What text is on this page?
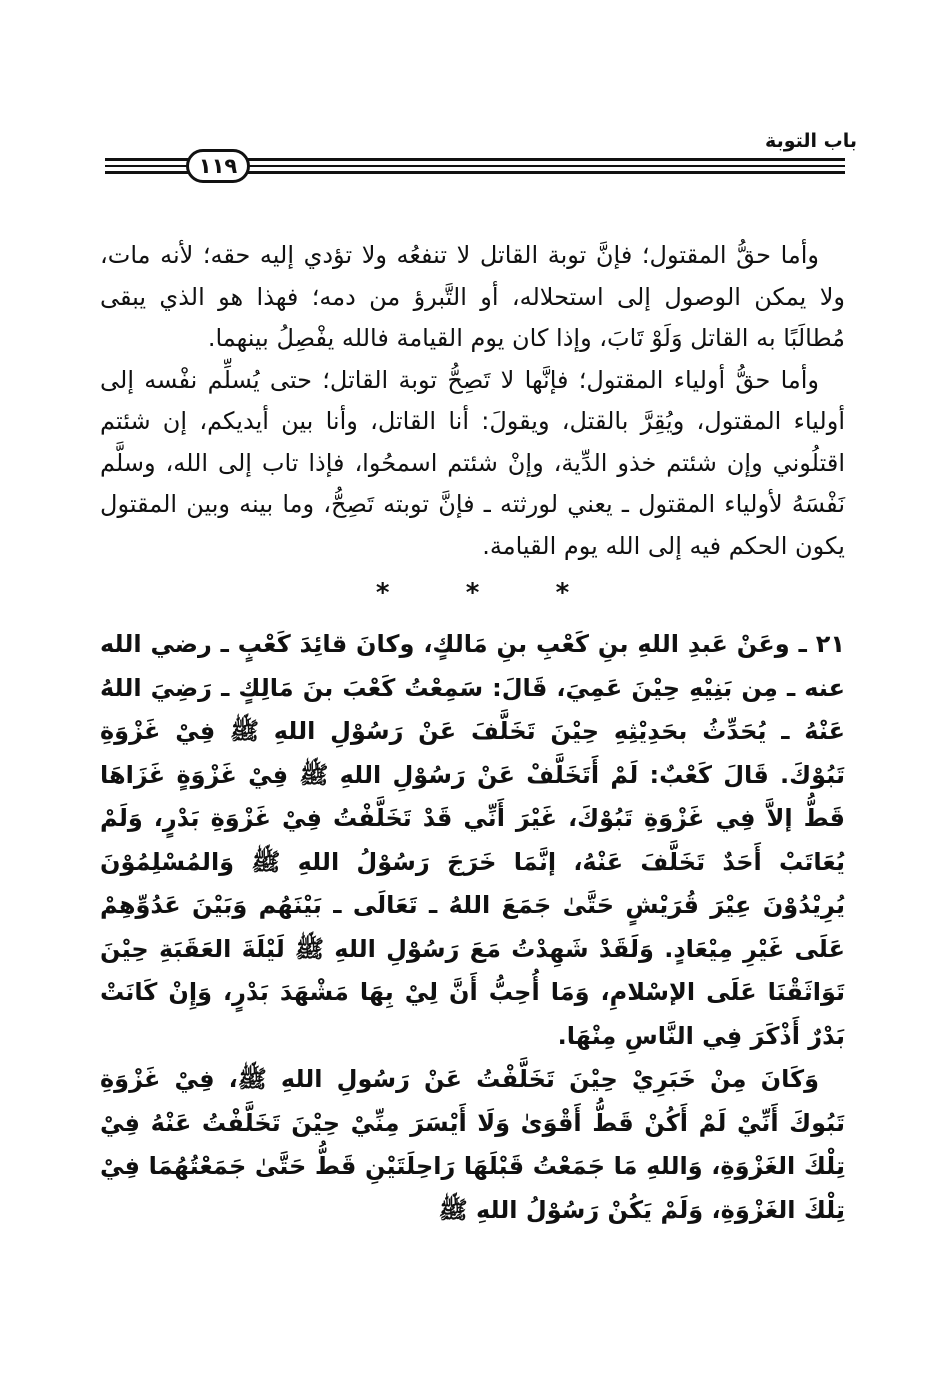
باب التوبة
١١٩

وأما حقُّ المقتول؛ فإنَّ توبة القاتل لا تنفعُه ولا تؤدي إليه حقه؛ لأنه مات، ولا يمكن الوصول إلى استحلاله، أو التَّبرؤ من دمه؛ فهذا هو الذي يبقى مُطالَبًا به القاتل وَلَوْ تَابَ، وإذا كان يوم القيامة فالله يفْصِلُ بينهما.

وأما حقُّ أولياء المقتول؛ فإنَّها لا تَصِحُّ توبة القاتل؛ حتى يُسلِّم نفْسه إلى أولياء المقتول، ويُقِرَّ بالقتل، ويقولَ: أنا القاتل، وأنا بين أيديكم، إن شئتم اقتلُوني وإن شئتم خذو الدِّية، وإنْ شئتم اسمحُوا، فإذا تاب إلى الله، وسلَّم نَفْسَهُ لأولياء المقتول ـ يعني لورثته ـ فإنَّ توبته تَصِحُّ، وما بينه وبين المقتول يكون الحكم فيه إلى الله يوم القيامة.

*	*	*

٢١ ـ وعَنْ عَبدِ اللهِ بنِ كَعْبِ بنِ مَالكٍ، وكانَ قائِدَ كَعْبٍ ـ رضي الله عنه ـ مِن بَنِيْهِ حِيْنَ عَمِيَ، قَالَ: سَمِعْتُ كَعْبَ بنَ مَالِكٍ ـ رَضِيَ اللهُ عَنْهُ ـ يُحَدِّثُ بحَدِيْثِهِ حِيْنَ تَخَلَّفَ عَنْ رَسُوْلِ اللهِ ﷺ فِيْ غَزْوَةِ تَبُوْكَ. قَالَ كَعْبٌ: لَمْ أَتَخَلَّفْ عَنْ رَسُوْلِ اللهِ ﷺ فِيْ غَزْوَةٍ غَزَاهَا قَطُّ إلاَّ فِي غَزْوَةِ تَبُوْكَ، غَيْرَ أَنِّي قَدْ تَخَلَّفْتُ فِيْ غَزْوَةِ بَدْرٍ، وَلَمْ يُعَاتَبْ أَحَدٌ تَخَلَّفَ عَنْهُ، إنَّمَا خَرَجَ رَسُوْلُ اللهِ ﷺ وَالمُسْلِمُوْنَ يُرِيْدُوْنَ عِيْرَ قُرَيْشٍ حَتَّىٰ جَمَعَ اللهُ ـ تَعَالَى ـ بَيْنَهُم وَبَيْنَ عَدُوِّهِمْ عَلَى غَيْرِ مِيْعَادٍ. وَلَقَدْ شَهِدْتُ مَعَ رَسُوْلِ اللهِ ﷺ لَيْلَةَ العَقَبَةِ حِيْنَ تَوَاثَقْنَا عَلَى الإسْلامِ، وَمَا أُحِبُّ أَنَّ لِيْ بِهَا مَشْهَدَ بَدْرٍ، وَإِنْ كَانَتْ بَدْرٌ أَذْكَرَ فِي النَّاسِ مِنْهَا.

وَكَانَ مِنْ خَبَرِيْ حِيْنَ تَخَلَّفْتُ عَنْ رَسُولِ اللهِ ﷺ، فِيْ غَزْوَةِ تَبُوكَ أَنِّيْ لَمْ أَكُنْ قَطُّ أَقْوَىٰ وَلَا أَيْسَرَ مِنِّيْ حِيْنَ تَخَلَّفْتُ عَنْهُ فِيْ تِلْكَ الغَزْوَةِ، وَاللهِ مَا جَمَعْتُ قَبْلَهَا رَاحِلَتَيْنِ قَطُّ حَتَّىٰ جَمَعْتُهُمَا فِيْ تِلْكَ الغَزْوَةِ، وَلَمْ يَكُنْ رَسُوْلُ اللهِ ﷺ
